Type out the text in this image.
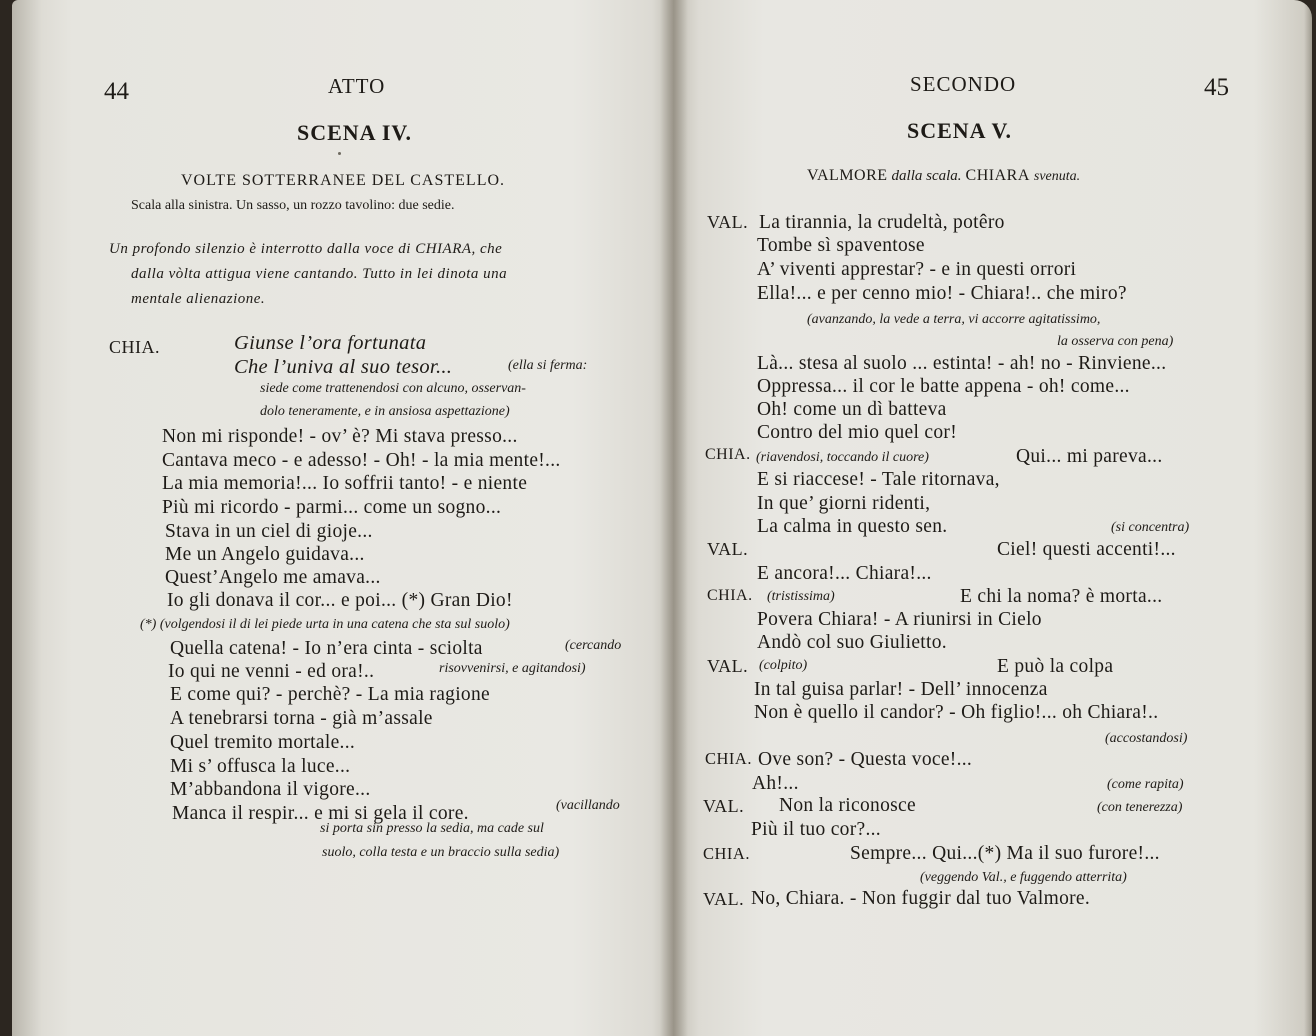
44	ATTO
SCENA IV.
VOLTE SOTTERRANEE DEL CASTELLO.
Scala alla sinistra. Un sasso, un rozzo tavolino: due sedie.
Un profondo silenzio è interrotto dalla voce di CHIARA, che
dalla vòlta attigua viene cantando. Tutto in lei dinota una
mentale alienazione.
CHIA.	Giunse l’ora fortunata
Che l’univa al suo tesor...	(ella si ferma:
siede come trattenendosi con alcuno, osservan-
dolo teneramente, e in ansiosa aspettazione)
Non mi risponde! - ov’ è? Mi stava presso...
Cantava meco - e adesso! - Oh! - la mia mente!...
La mia memoria!... Io soffrii tanto! - e niente
Più mi ricordo - parmi... come un sogno...
Stava in un ciel di gioje...
Me un Angelo guidava...
Quest’Angelo me amava...
Io gli donava il cor... e poi... (*) Gran Dio!
(*) (volgendosi il di lei piede urta in una catena che sta sul suolo)
Quella catena! - Io n’era cinta - sciolta	(cercando
Io qui ne venni - ed ora!..	risovvenirsi, e agitandosi)
E come qui? - perchè? - La mia ragione
A tenebrarsi torna - già m’assale
Quel tremito mortale...
Mi s’ offusca la luce...
M’abbandona il vigore...
Manca il respir... e mi si gela il core.	(vacillando
si porta sin presso la sedia, ma cade sul
suolo, colla testa e un braccio sulla sedia)
SECONDO	45
SCENA V.
VALMORE dalla scala. CHIARA svenuta.
VAL. La tirannia, la crudeltà, potêro
Tombe sì spaventose
A’ viventi apprestar? - e in questi orrori
Ella!... e per cenno mio! - Chiara!.. che miro?
(avanzando, la vede a terra, vi accorre agitatissimo,
la osserva con pena)
Là... stesa al suolo ... estinta! - ah! no - Rinviene...
Oppressa... il cor le batte appena - oh! come...
Oh! come un dì batteva
Contro del mio quel cor!
CHIA. (riavendosi, toccando il cuore)	Qui... mi pareva...
E si riaccese! - Tale ritornava,
In que’ giorni ridenti,
La calma in questo sen.	(si concentra)
VAL.	Ciel! questi accenti!...
E ancora!... Chiara!...
CHIA. (tristissima)	E chi la noma? è morta...
Povera Chiara! - A riunirsi in Cielo
Andò col suo Giulietto.
VAL. (colpito)	E può la colpa
In tal guisa parlar! - Dell’ innocenza
Non è quello il candor? - Oh figlio!... oh Chiara!..
(accostandosi)
CHIA. Ove son? - Questa voce!...
Ah!...	(come rapita)
VAL. Non la riconosce	(con tenerezza)
Più il tuo cor?...
CHIA.	Sempre... Qui...(*) Ma il suo furore!...
(veggendo Val., e fuggendo atterrita)
VAL. No, Chiara. - Non fuggir dal tuo Valmore.
